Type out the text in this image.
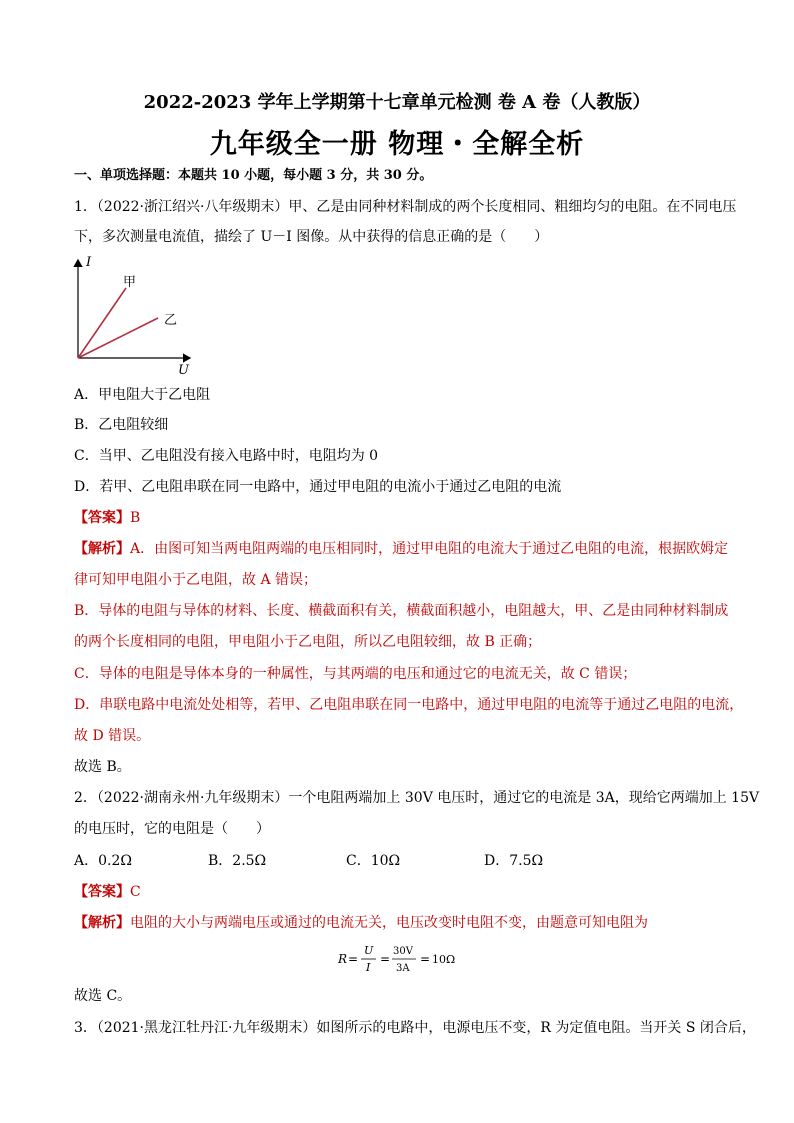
2022-2023 学年上学期第十七章单元检测 卷 A 卷（人教版）
九年级全一册 物理・全解全析
一、单项选择题：本题共 10 小题，每小题 3 分，共 30 分。
1．（2022·浙江绍兴·八年级期末）甲、乙是由同种材料制成的两个长度相同、粗细均匀的电阻。在不同电压
下，多次测量电流值，描绘了 U－I 图像。从中获得的信息正确的是（　　）
I
U
甲
乙
A．甲电阻大于乙电阻
B．乙电阻较细
C．当甲、乙电阻没有接入电路中时，电阻均为 0
D．若甲、乙电阻串联在同一电路中，通过甲电阻的电流小于通过乙电阻的电流
【答案】B
【解析】A．由图可知当两电阻两端的电压相同时，通过甲电阻的电流大于通过乙电阻的电流，根据欧姆定
律可知甲电阻小于乙电阻，故 A 错误；
B．导体的电阻与导体的材料、长度、横截面积有关，横截面积越小，电阻越大，甲、乙是由同种材料制成
的两个长度相同的电阻，甲电阻小于乙电阻，所以乙电阻较细，故 B 正确；
C．导体的电阻是导体本身的一种属性，与其两端的电压和通过它的电流无关，故 C 错误；
D．串联电路中电流处处相等，若甲、乙电阻串联在同一电路中，通过甲电阻的电流等于通过乙电阻的电流，
故 D 错误。
故选 B。
2．（2022·湖南永州·九年级期末）一个电阻两端加上 30V 电压时，通过它的电流是 3A，现给它两端加上 15V
的电压时，它的电阻是（　　）
A．0.2Ω	B．2.5Ω	C．10Ω	D．7.5Ω
【答案】C
【解析】电阻的大小与两端电压或通过的电流无关，电压改变时电阻不变，由题意可知电阻为
R =
U
I
=
30V
3A
= 10Ω
故选 C。
3．（2021·黑龙江牡丹江·九年级期末）如图所示的电路中，电源电压不变，R 为定值电阻。当开关 S 闭合后，
